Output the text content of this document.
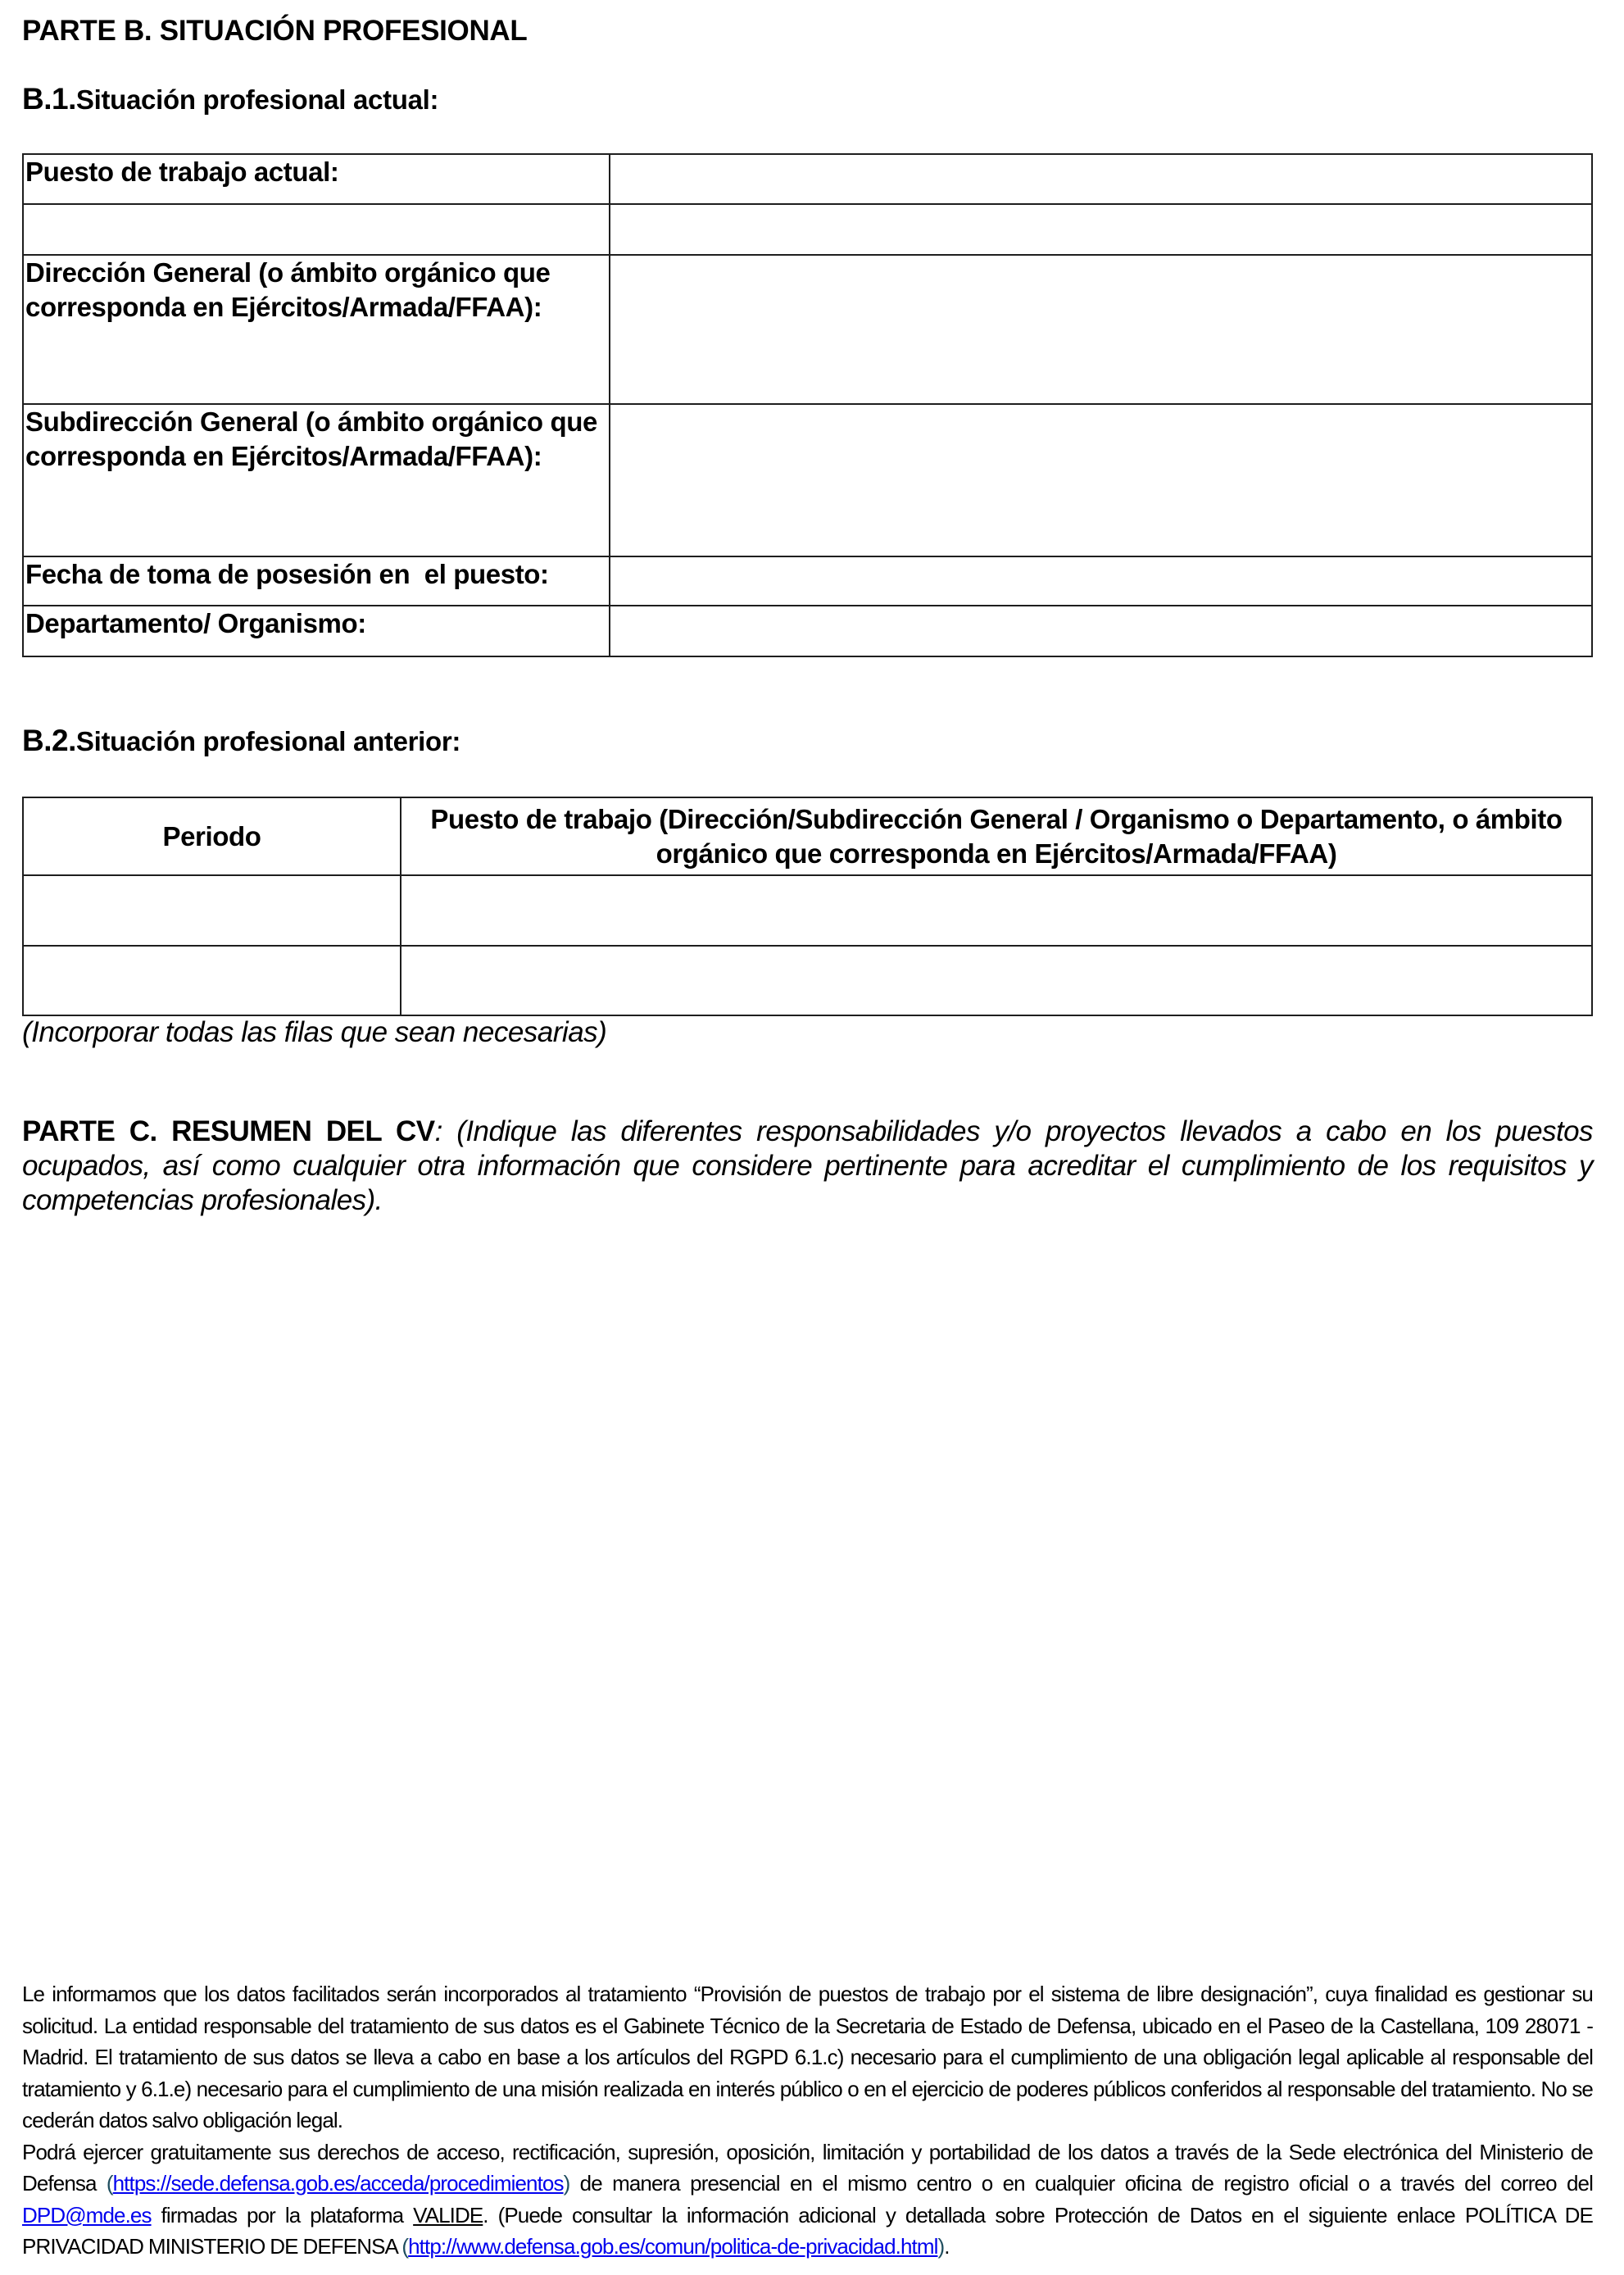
PARTE B. SITUACIÓN PROFESIONAL
B.1.Situación profesional actual:
Puesto de trabajo actual:	

Dirección General (o ámbito orgánico que corresponda en Ejércitos/Armada/FFAA):	
Subdirección General (o ámbito orgánico que corresponda en Ejércitos/Armada/FFAA):	
Fecha de toma de posesión en  el puesto:	
Departamento/ Organismo:	
B.2.Situación profesional anterior:
Periodo	Puesto de trabajo (Dirección/Subdirección General / Organismo o Departamento, o ámbito orgánico que corresponda en Ejércitos/Armada/FFAA)

(Incorporar todas las filas que sean necesarias)
PARTE C. RESUMEN DEL CV: (Indique las diferentes responsabilidades y/o proyectos llevados a cabo en los puestos ocupados, así como cualquier otra información que considere pertinente para acreditar el cumplimiento de los requisitos y competencias profesionales).

Le informamos que los datos facilitados serán incorporados al tratamiento “Provisión de puestos de trabajo por el sistema de libre designación”, cuya finalidad es gestionar su solicitud. La entidad responsable del tratamiento de sus datos es el Gabinete Técnico de la Secretaria de Estado de Defensa, ubicado en el Paseo de la Castellana, 109 28071 - Madrid. El tratamiento de sus datos se lleva a cabo en base a los artículos del RGPD 6.1.c) necesario para el cumplimiento de una obligación legal aplicable al responsable del tratamiento y 6.1.e) necesario para el cumplimiento de una misión realizada en interés público o en el ejercicio de poderes públicos conferidos al responsable del tratamiento. No se cederán datos salvo obligación legal.

Podrá ejercer gratuitamente sus derechos de acceso, rectificación, supresión, oposición, limitación y portabilidad de los datos a través de la Sede electrónica del Ministerio de Defensa (https://sede.defensa.gob.es/acceda/procedimientos) de manera presencial en el mismo centro o en cualquier oficina de registro oficial o a través del correo del DPD@mde.es firmadas por la plataforma VALIDE. (Puede consultar la información adicional y detallada sobre Protección de Datos en el siguiente enlace POLÍTICA DE PRIVACIDAD MINISTERIO DE DEFENSA (http://www.defensa.gob.es/comun/politica-de-privacidad.html).
